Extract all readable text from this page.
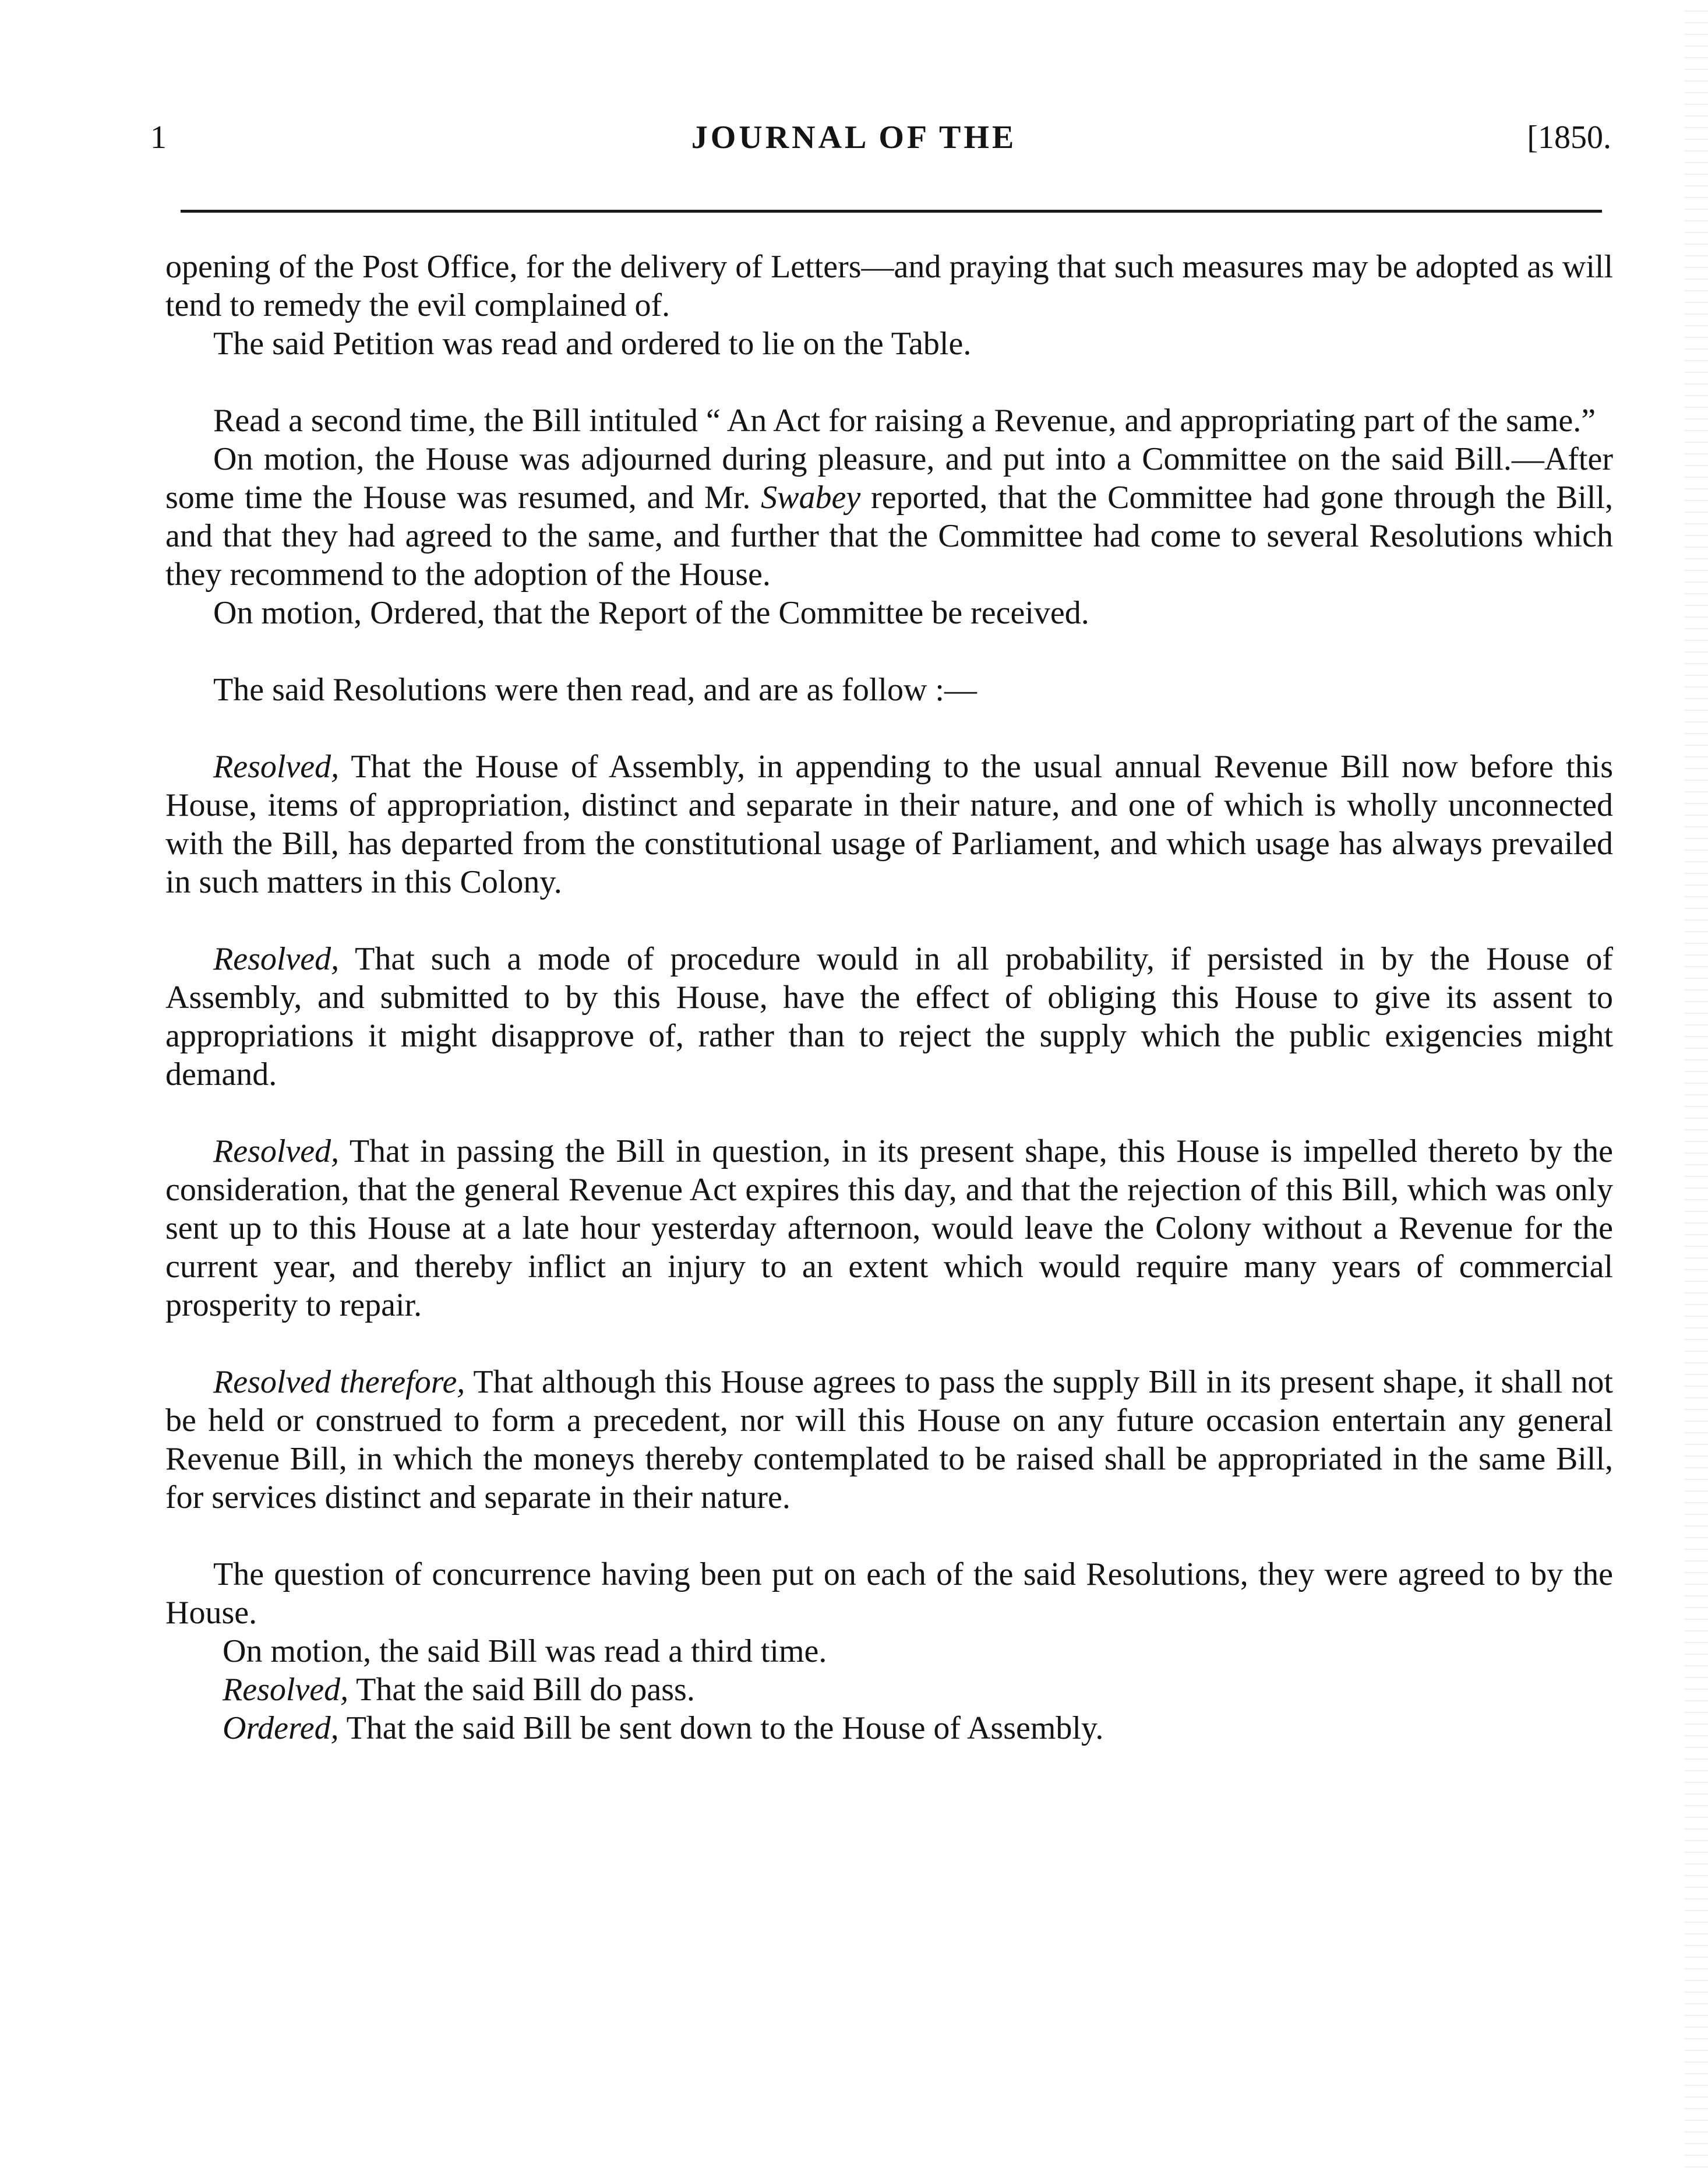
1	JOURNAL OF THE	[1850.

opening of the Post Office, for the delivery of Letters—and praying that such measures may be adopted as will tend to remedy the evil complained of.

The said Petition was read and ordered to lie on the Table.

Read a second time, the Bill intituled “ An Act for raising a Revenue, and appropriating part of the same.”

On motion, the House was adjourned during pleasure, and put into a Committee on the said Bill.—After some time the House was resumed, and Mr. Swabey reported, that the Committee had gone through the Bill, and that they had agreed to the same, and further that the Committee had come to several Resolutions which they recommend to the adoption of the House.

On motion, Ordered, that the Report of the Committee be received.

The said Resolutions were then read, and are as follow :—

Resolved, That the House of Assembly, in appending to the usual annual Revenue Bill now before this House, items of appropriation, distinct and separate in their nature, and one of which is wholly unconnected with the Bill, has departed from the constitutional usage of Parliament, and which usage has always prevailed in such matters in this Colony.

Resolved, That such a mode of procedure would in all probability, if persisted in by the House of Assembly, and submitted to by this House, have the effect of obliging this House to give its assent to appropriations it might disapprove of, rather than to reject the supply which the public exigencies might demand.

Resolved, That in passing the Bill in question, in its present shape, this House is impelled thereto by the consideration, that the general Revenue Act expires this day, and that the rejection of this Bill, which was only sent up to this House at a late hour yesterday afternoon, would leave the Colony without a Revenue for the current year, and thereby inflict an injury to an extent which would require many years of commercial prosperity to repair.

Resolved therefore, That although this House agrees to pass the supply Bill in its present shape, it shall not be held or construed to form a precedent, nor will this House on any future occasion entertain any general Revenue Bill, in which the moneys thereby contemplated to be raised shall be appropriated in the same Bill, for services distinct and separate in their nature.

The question of concurrence having been put on each of the said Resolutions, they were agreed to by the House.

On motion, the said Bill was read a third time.

Resolved, That the said Bill do pass.

Ordered, That the said Bill be sent down to the House of Assembly.
